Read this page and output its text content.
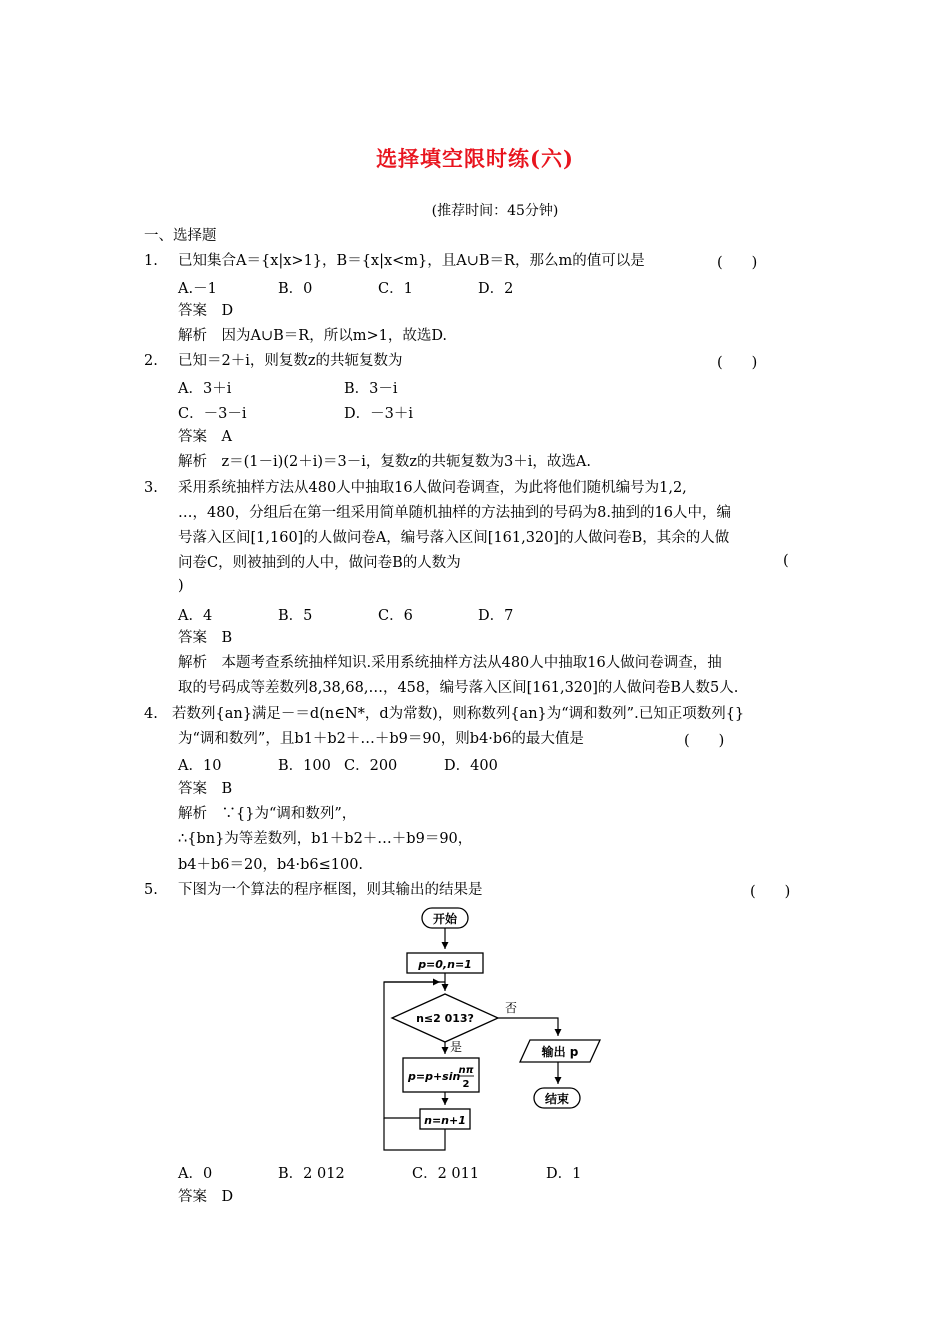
选择填空限时练(六)
(推荐时间：45分钟)
一、选择题
1. 已知集合A＝{x|x>1}，B＝{x|x<m}，且A∪B＝R，那么m的值可以是	(　　)
A.－1	B．0	C．1	D．2
答案　D
解析　因为A∪B＝R，所以m>1，故选D.
2. 已知＝2＋i，则复数z的共轭复数为	(　　)
A．3＋i	B．3－i
C．－3－i	D．－3＋i
答案　A
解析　z＝(1－i)(2＋i)＝3－i，复数z的共轭复数为3＋i，故选A.
3. 采用系统抽样方法从480人中抽取16人做问卷调查，为此将他们随机编号为1,2,
…，480，分组后在第一组采用简单随机抽样的方法抽到的号码为8.抽到的16人中，编
号落入区间[1,160]的人做问卷A，编号落入区间[161,320]的人做问卷B，其余的人做
问卷C，则被抽到的人中，做问卷B的人数为	(
)
A．4	B．5	C．6	D．7
答案　B
解析　本题考查系统抽样知识.采用系统抽样方法从480人中抽取16人做问卷调查，抽
取的号码成等差数列8,38,68,…，458，编号落入区间[161,320]的人做问卷B人数5人.
4. 若数列{an}满足－＝d(n∈N*，d为常数)，则称数列{an}为“调和数列”.已知正项数列{}
为“调和数列”，且b1＋b2＋…＋b9＝90，则b4·b6的最大值是	(　　)
A．10	B．100 C．200	D．400
答案　B
解析　∵{}为“调和数列”，
∴{bn}为等差数列，b1＋b2＋…＋b9＝90，
b4＋b6＝20，b4·b6≤100.
5. 下图为一个算法的程序框图，则其输出的结果是	(　　)
开始
p=0,n=1
n≤2 013?
否
输出 p
结束
是
p=p+sin
nπ
2
n=n+1
A．0	B．2 012	C．2 011	D．1
答案　D
